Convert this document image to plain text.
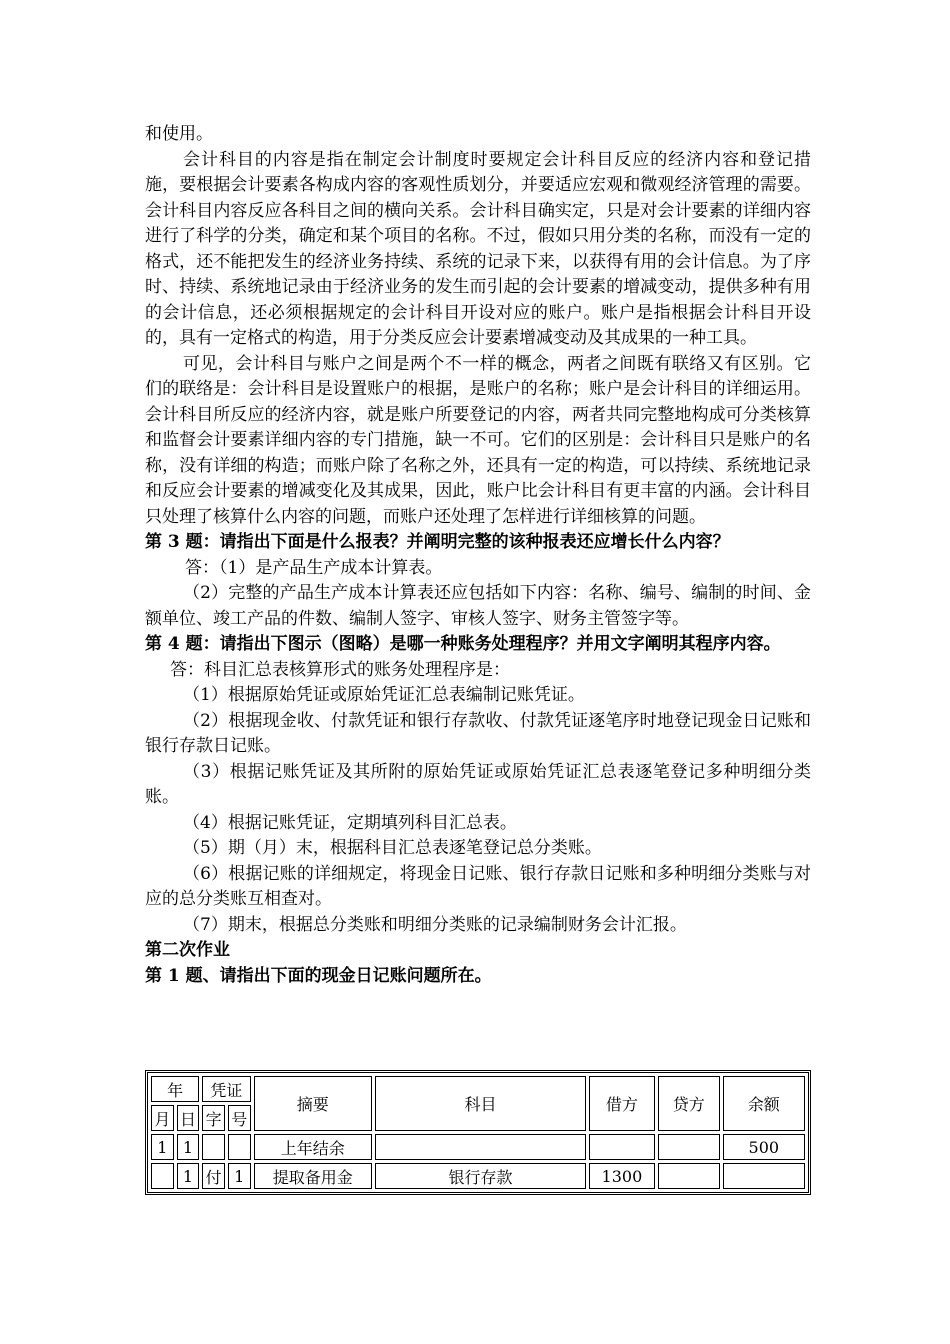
和使用。

会计科目的内容是指在制定会计制度时要规定会计科目反应的经济内容和登记措施，要根据会计要素各构成内容的客观性质划分，并要适应宏观和微观经济管理的需要。会计科目内容反应各科目之间的横向关系。会计科目确实定，只是对会计要素的详细内容进行了科学的分类，确定和某个项目的名称。不过，假如只用分类的名称，而没有一定的格式，还不能把发生的经济业务持续、系统的记录下来，以获得有用的会计信息。为了序时、持续、系统地记录由于经济业务的发生而引起的会计要素的增减变动，提供多种有用的会计信息，还必须根据规定的会计科目开设对应的账户。账户是指根据会计科目开设的，具有一定格式的构造，用于分类反应会计要素增减变动及其成果的一种工具。

可见，会计科目与账户之间是两个不一样的概念，两者之间既有联络又有区别。它们的联络是：会计科目是设置账户的根据，是账户的名称；账户是会计科目的详细运用。会计科目所反应的经济内容，就是账户所要登记的内容，两者共同完整地构成可分类核算和监督会计要素详细内容的专门措施，缺一不可。它们的区别是：会计科目只是账户的名称，没有详细的构造；而账户除了名称之外，还具有一定的构造，可以持续、系统地记录和反应会计要素的增减变化及其成果，因此，账户比会计科目有更丰富的内涵。会计科目只处理了核算什么内容的问题，而账户还处理了怎样进行详细核算的问题。

第 3 题：请指出下面是什么报表？并阐明完整的该种报表还应增长什么内容？

答：（1）是产品生产成本计算表。

（2）完整的产品生产成本计算表还应包括如下内容：名称、编号、编制的时间、金额单位、竣工产品的件数、编制人签字、审核人签字、财务主管签字等。

第 4 题：请指出下图示（图略）是哪一种账务处理程序？并用文字阐明其程序内容。

答：科目汇总表核算形式的账务处理程序是：

（1）根据原始凭证或原始凭证汇总表编制记账凭证。

（2）根据现金收、付款凭证和银行存款收、付款凭证逐笔序时地登记现金日记账和银行存款日记账。

（3）根据记账凭证及其所附的原始凭证或原始凭证汇总表逐笔登记多种明细分类账。

（4）根据记账凭证，定期填列科目汇总表。

（5）期（月）末，根据科目汇总表逐笔登记总分类账。

（6）根据记账的详细规定，将现金日记账、银行存款日记账和多种明细分类账与对应的总分类账互相查对。

（7）期末，根据总分类账和明细分类账的记录编制财务会计汇报。

第二次作业

第 1 题、请指出下面的现金日记账问题所在。

年		凭证		摘要	科目	借方	贷方	余额
月	日	字	号					
1	1			上年结余				500
	1	付	1	提取备用金	银行存款	1300		
